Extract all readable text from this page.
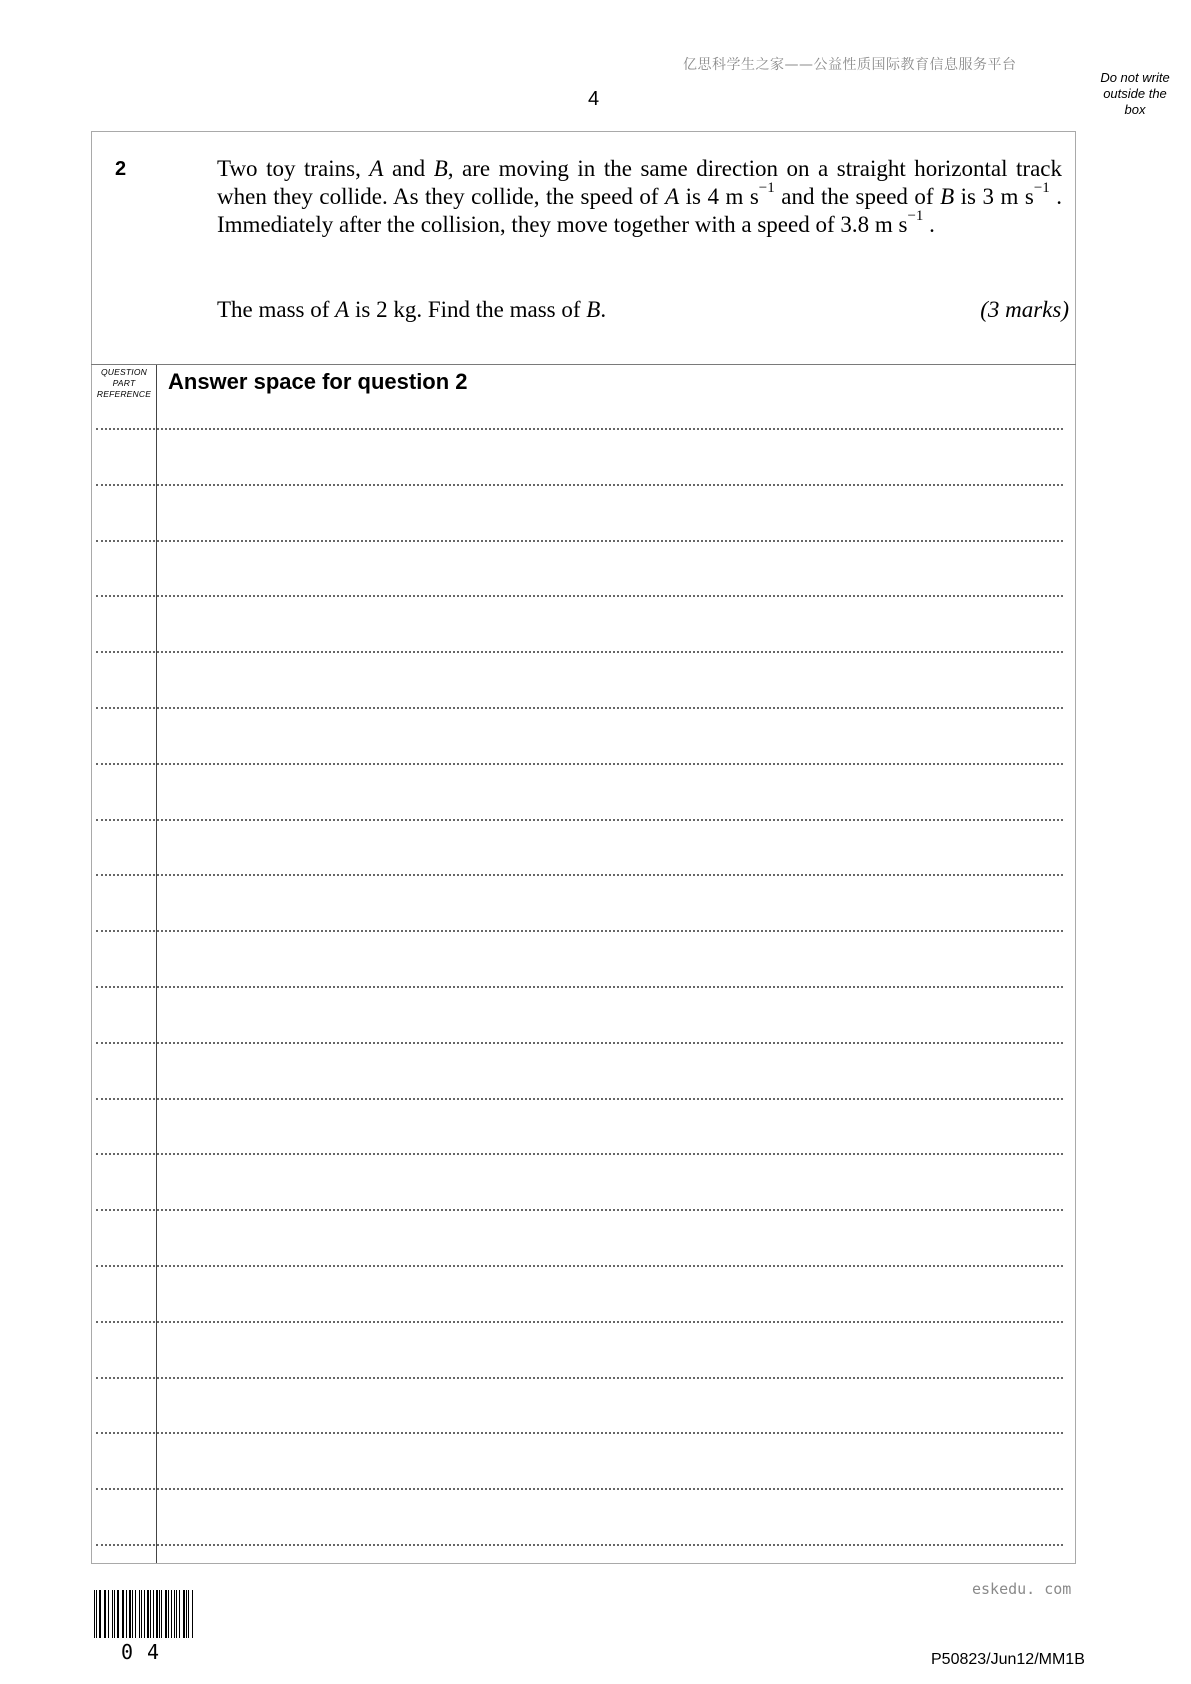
亿思科学生之家——公益性质国际教育信息服务平台
4
Do not write
outside the
box
2	Two toy trains, A and B, are moving in the same direction on a straight horizontal track when they collide. As they collide, the speed of A is 4 m $s^{-1}$ and the speed of B is 3 m $s^{-1}$ . Immediately after the collision, they move together with a speed of 3.8 m $s^{-1}$ .
The mass of A is 2 kg. Find the mass of B.	(3 marks)
QUESTION
PART
REFERENCE Answer space for question 2
eskedu. com
04	P50823/Jun12/MM1B
